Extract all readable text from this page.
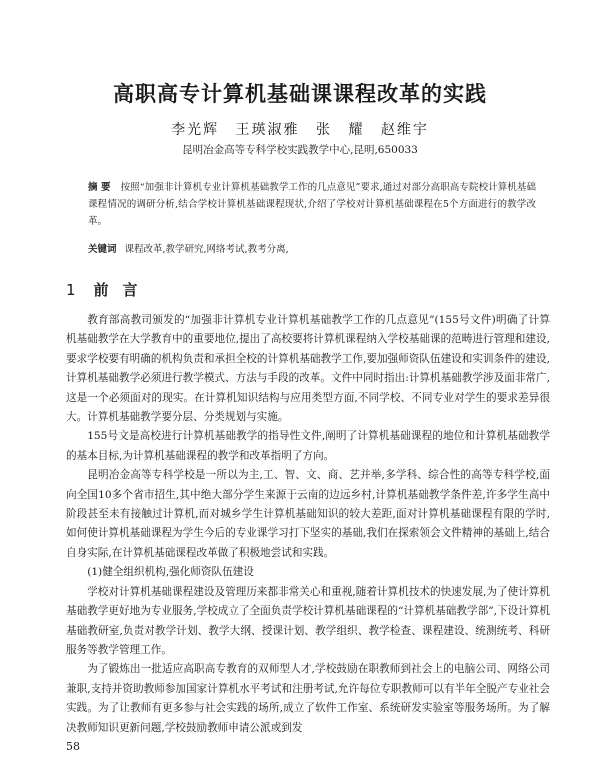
高职高专计算机基础课课程改革的实践
李光辉 王瑛淑雅 张 耀 赵维宇
昆明冶金高等专科学校实践教学中心,昆明,650033
摘 要 按照“加强非计算机专业计算机基础教学工作的几点意见”要求,通过对部分高职高专院校计算机基础课程情况的调研分析,结合学校计算机基础课程现状,介绍了学校对计算机基础课程在5个方面进行的教学改革。
关键词 课程改革,教学研究,网络考试,教考分离,
1 前言

教育部高教司颁发的“加强非计算机专业计算机基础教学工作的几点意见”(155号文件)明确了计算机基础教学在大学教育中的重要地位,提出了高校要将计算机课程纳入学校基础课的范畴进行管理和建设,要求学校要有明确的机构负责和承担全校的计算机基础教学工作,要加强师资队伍建设和实训条件的建设,计算机基础教学必须进行教学模式、方法与手段的改革。文件中同时指出:计算机基础教学涉及面非常广,这是一个必须面对的现实。在计算机知识结构与应用类型方面,不同学校、不同专业对学生的要求差异很大。计算机基础教学要分层、分类规划与实施。

155号文是高校进行计算机基础教学的指导性文件,阐明了计算机基础课程的地位和计算机基础教学的基本目标,为计算机基础课程的教学和改革指明了方向。

昆明冶金高等专科学校是一所以为主,工、智、文、商、艺并举,多学科、综合性的高等专科学校,面向全国10多个省市招生,其中绝大部分学生来源于云南的边远乡村,计算机基础教学条件差,许多学生高中阶段甚至未有接触过计算机,而对城乡学生计算机基础知识的较大差距,面对计算机基础课程有限的学时,如何使计算机基础课程为学生今后的专业课学习打下坚实的基础,我们在探索领会文件精神的基础上,结合自身实际,在计算机基础课程改革做了积极地尝试和实践。

(1)健全组织机构,强化师资队伍建设

学校对计算机基础课程建设及管理历来都非常关心和重视,随着计算机技术的快速发展,为了使计算机基础教学更好地为专业服务,学校成立了全面负责学校计算机基础课程的“计算机基础教学部”,下设计算机基础教研室,负责对教学计划、教学大纲、授课计划、教学组织、教学检查、课程建设、统测统考、科研服务等教学管理工作。

为了锻炼出一批适应高职高专教育的双师型人才,学校鼓励在职教师到社会上的电脑公司、网络公司兼职,支持并资助教师参加国家计算机水平考试和注册考试,允许每位专职教师可以有半年全脱产专业社会实践。为了让教师有更多参与社会实践的场所,成立了软件工作室、系统研发实验室等服务场所。为了解决教师知识更新问题,学校鼓励教师申请公派或到发

58
